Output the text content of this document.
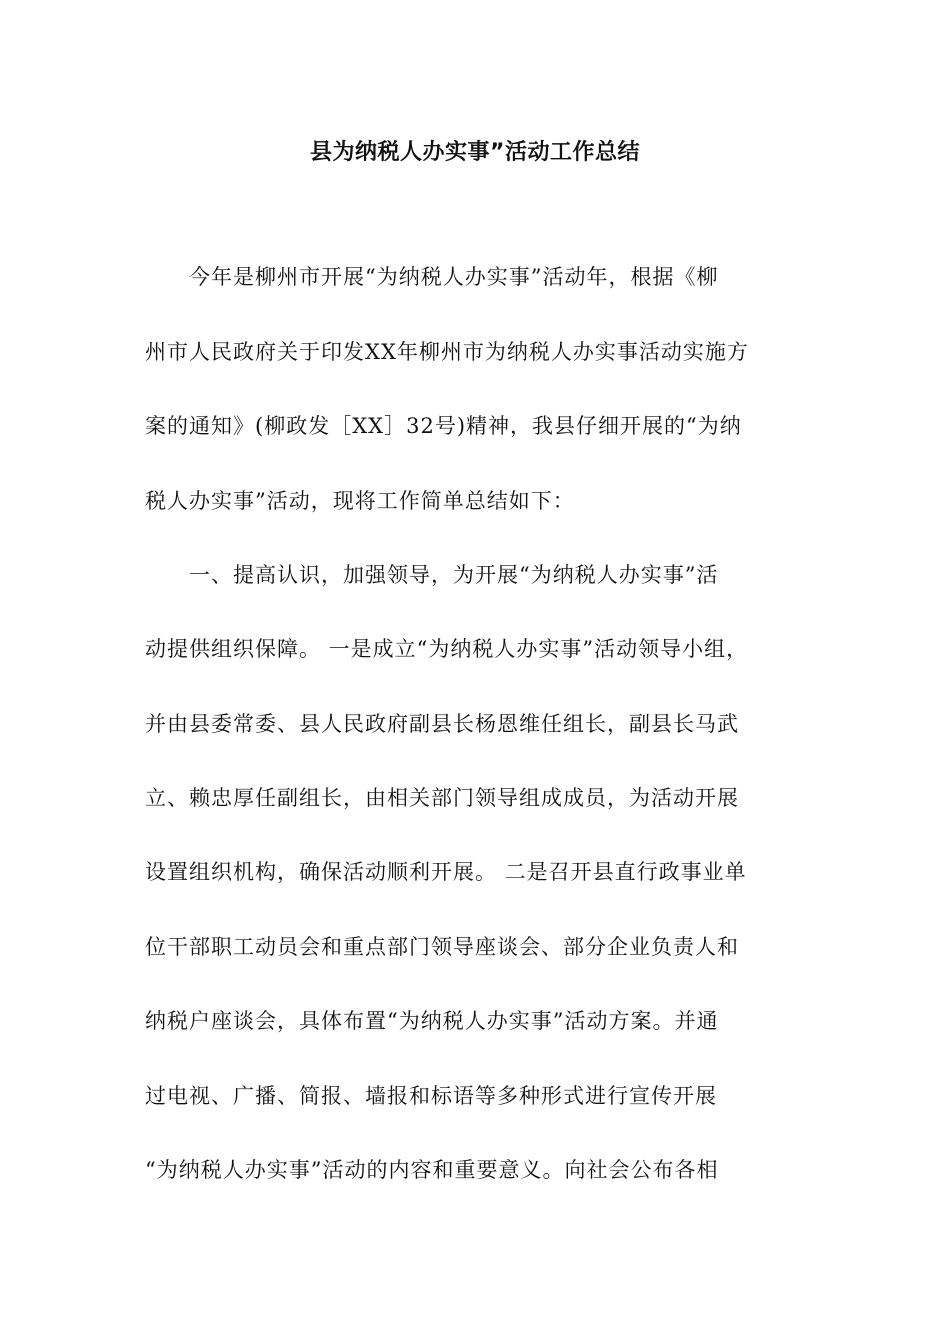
县为纳税人办实事”活动工作总结
　　今年是柳州市开展“为纳税人办实事”活动年，根据《柳
州市人民政府关于印发XX年柳州市为纳税人办实事活动实施方
案的通知》(柳政发［XX］32号)精神，我县仔细开展的“为纳
税人办实事”活动，现将工作简单总结如下：
　　一、提高认识，加强领导，为开展“为纳税人办实事”活
动提供组织保障。 一是成立“为纳税人办实事”活动领导小组，
并由县委常委、县人民政府副县长杨恩维任组长，副县长马武
立、赖忠厚任副组长，由相关部门领导组成成员，为活动开展
设置组织机构，确保活动顺利开展。 二是召开县直行政事业单
位干部职工动员会和重点部门领导座谈会、部分企业负责人和
纳税户座谈会，具体布置“为纳税人办实事”活动方案。并通
过电视、广播、简报、墙报和标语等多种形式进行宣传开展
“为纳税人办实事”活动的内容和重要意义。向社会公布各相
